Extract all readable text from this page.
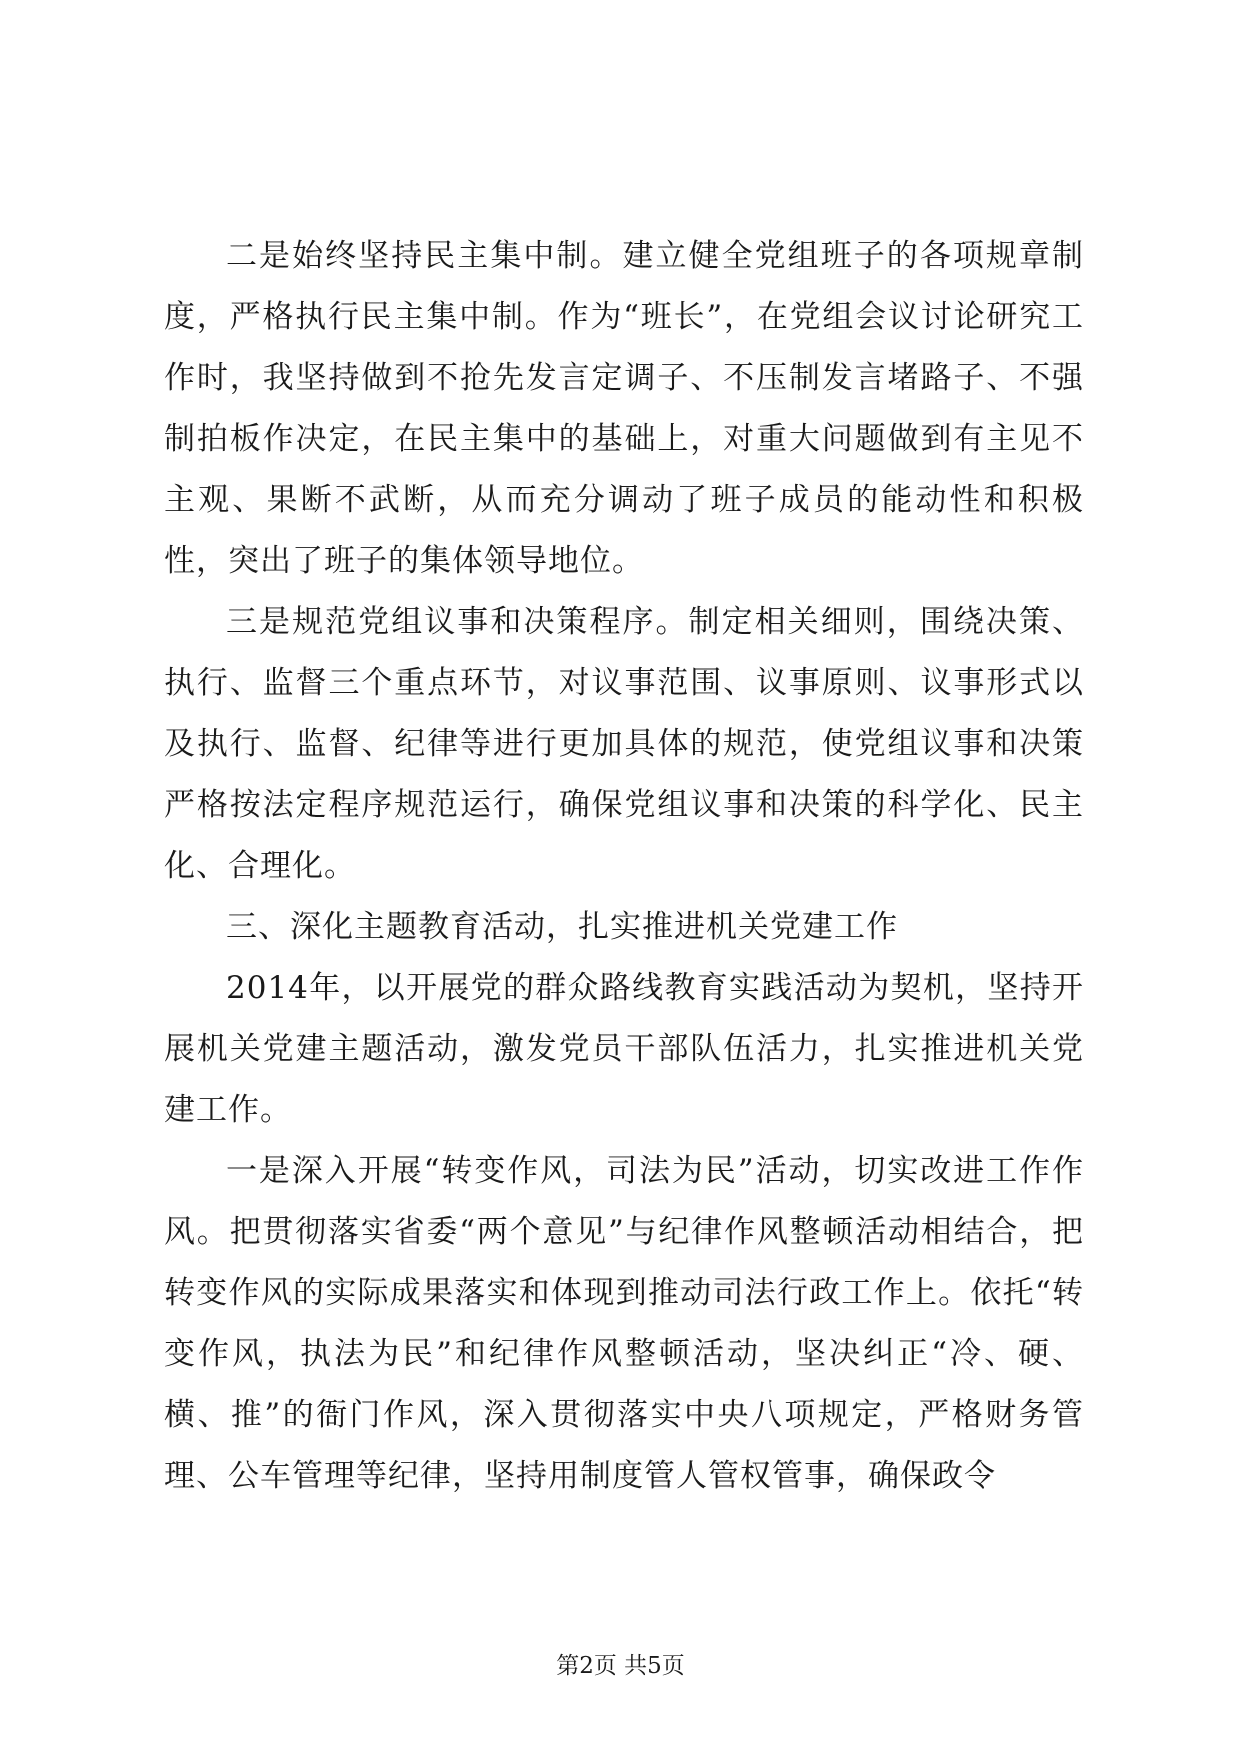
二是始终坚持民主集中制。建立健全党组班子的各项规章制度，严格执行民主集中制。作为“班长”，在党组会议讨论研究工作时，我坚持做到不抢先发言定调子、不压制发言堵路子、不强制拍板作决定，在民主集中的基础上，对重大问题做到有主见不主观、果断不武断，从而充分调动了班子成员的能动性和积极性，突出了班子的集体领导地位。

三是规范党组议事和决策程序。制定相关细则，围绕决策、执行、监督三个重点环节，对议事范围、议事原则、议事形式以及执行、监督、纪律等进行更加具体的规范，使党组议事和决策严格按法定程序规范运行，确保党组议事和决策的科学化、民主化、合理化。

三、深化主题教育活动，扎实推进机关党建工作

2014年，以开展党的群众路线教育实践活动为契机，坚持开展机关党建主题活动，激发党员干部队伍活力，扎实推进机关党建工作。

一是深入开展“转变作风，司法为民”活动，切实改进工作作风。把贯彻落实省委“两个意见”与纪律作风整顿活动相结合，把转变作风的实际成果落实和体现到推动司法行政工作上。依托“转变作风，执法为民”和纪律作风整顿活动，坚决纠正“冷、硬、横、推”的衙门作风，深入贯彻落实中央八项规定，严格财务管理、公车管理等纪律，坚持用制度管人管权管事，确保政令

第2页 共5页
